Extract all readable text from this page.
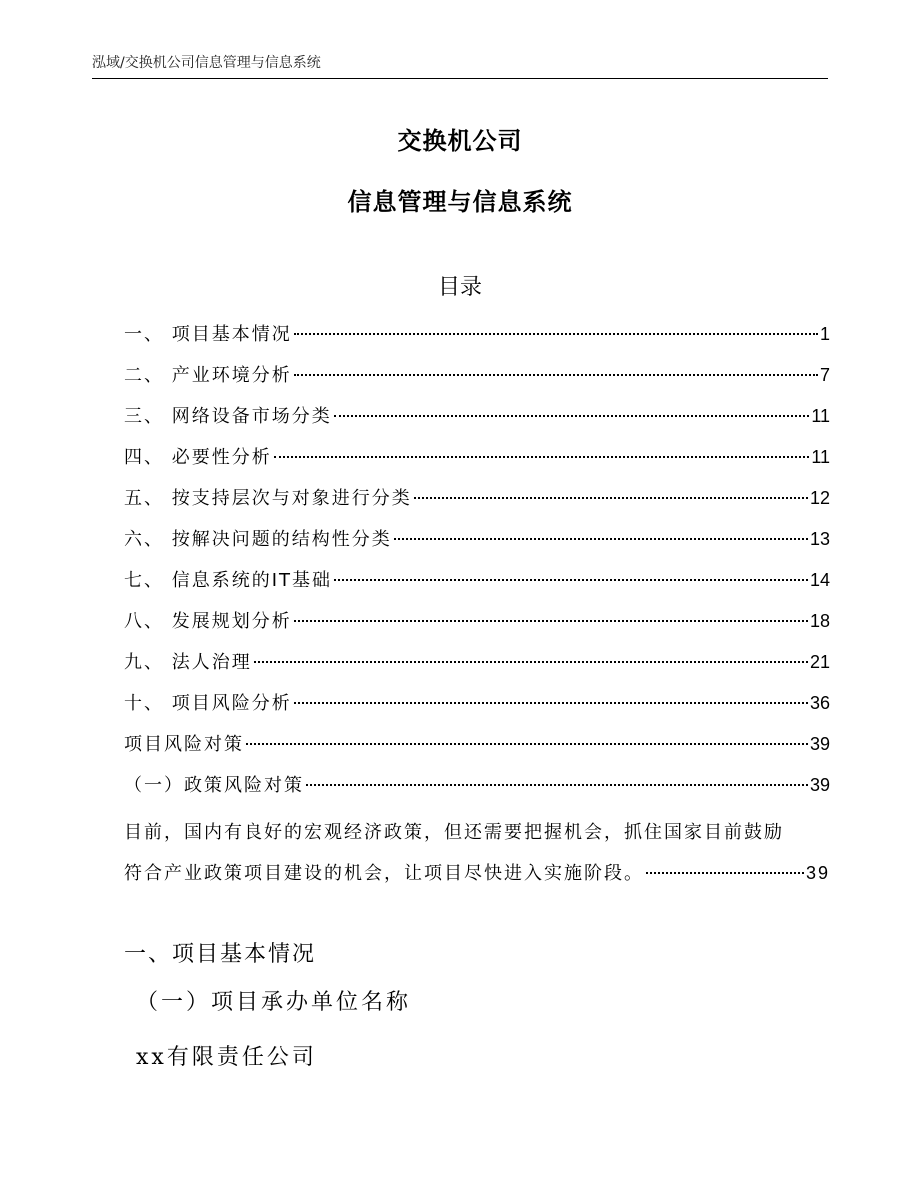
泓域/交换机公司信息管理与信息系统
交换机公司
信息管理与信息系统
目录
一、 项目基本情况	1
二、 产业环境分析	7
三、 网络设备市场分类	11
四、 必要性分析	11
五、 按支持层次与对象进行分类	12
六、 按解决问题的结构性分类	13
七、 信息系统的IT基础	14
八、 发展规划分析	18
九、 法人治理	21
十、 项目风险分析	36
项目风险对策	39
（一）政策风险对策	39
目前，国内有良好的宏观经济政策，但还需要把握机会，抓住国家目前鼓励
符合产业政策项目建设的机会，让项目尽快进入实施阶段。	39
一、项目基本情况
（一）项目承办单位名称
xx有限责任公司
